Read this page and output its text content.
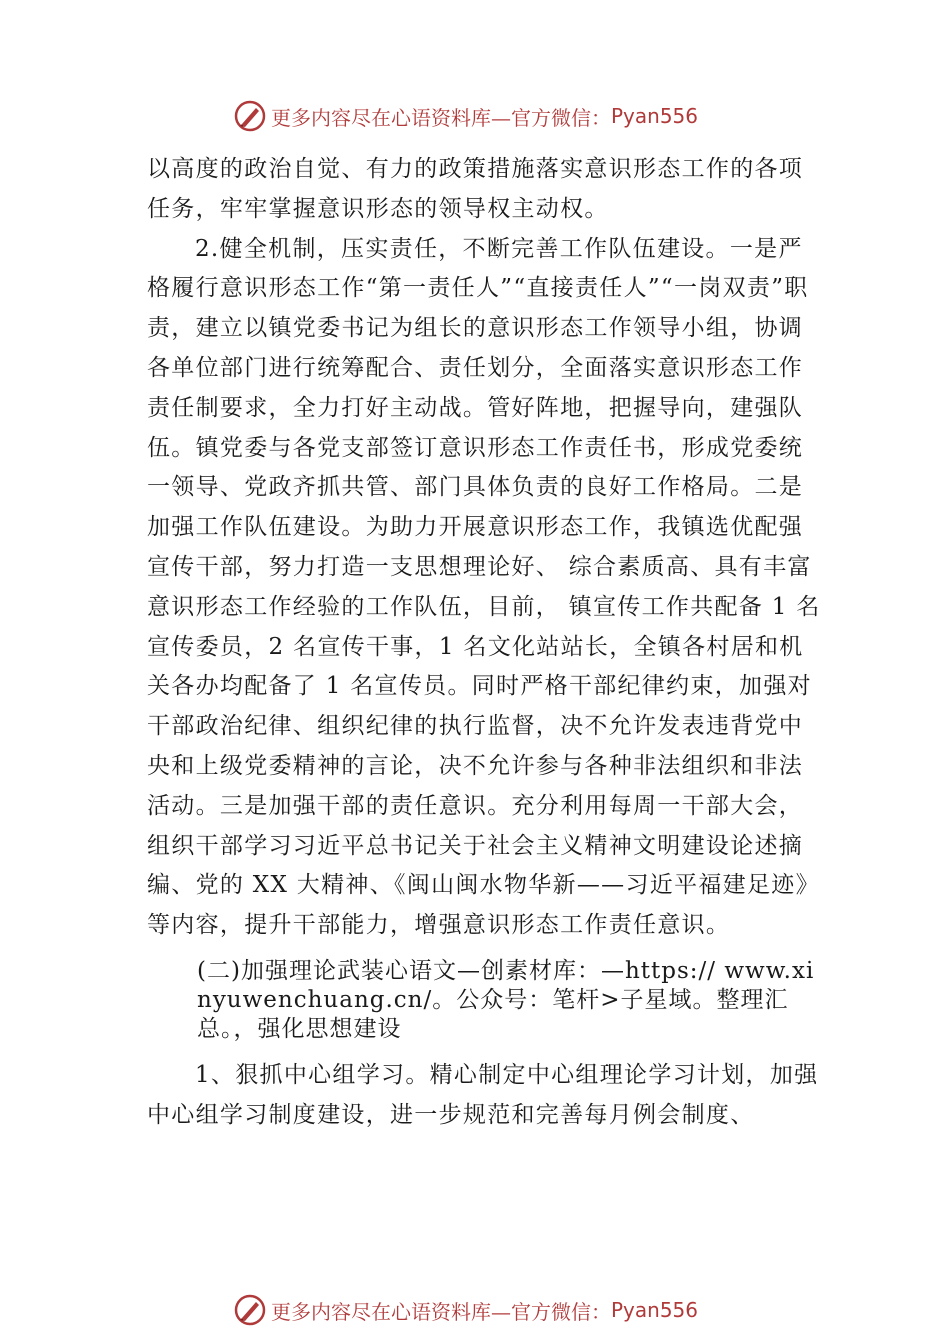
更多内容尽在心语资料库—官方微信： Pyan556

以高度的政治自觉、有力的政策措施落实意识形态工作的各项任务，牢牢掌握意识形态的领导权主动权。

2.健全机制，压实责任，不断完善工作队伍建设。一是严格履行意识形态工作“第一责任人”“直接责任人”“一岗双责”职责，建立以镇党委书记为组长的意识形态工作领导小组，协调各单位部门进行统筹配合、责任划分，全面落实意识形态工作责任制要求，全力打好主动战。管好阵地，把握导向，建强队伍。镇党委与各党支部签订意识形态工作责任书，形成党委统一领导、党政齐抓共管、部门具体负责的良好工作格局。二是加强工作队伍建设。为助力开展意识形态工作，我镇选优配强宣传干部，努力打造一支思想理论好、 综合素质高、具有丰富意识形态工作经验的工作队伍，目前， 镇宣传工作共配备 1 名宣传委员，2 名宣传干事，1 名文化站站长，全镇各村居和机关各办均配备了 1 名宣传员。同时严格干部纪律约束，加强对干部政治纪律、组织纪律的执行监督，决不允许发表违背党中央和上级党委精神的言论，决不允许参与各种非法组织和非法活动。三是加强干部的责任意识。充分利用每周一干部大会，组织干部学习习近平总书记关于社会主义精神文明建设论述摘编、党的 XX 大精神、《闽山闽水物华新——习近平福建足迹》等内容，提升干部能力，增强意识形态工作责任意识。

(二)加强理论武装心语文—创素材库：—https:// www.xinyuwenchuang.cn/。公众号：笔杆>子星域。整理汇总。，强化思想建设

1、狠抓中心组学习。精心制定中心组理论学习计划，加强中心组学习制度建设，进一步规范和完善每月例会制度、

更多内容尽在心语资料库—官方微信： Pyan556
